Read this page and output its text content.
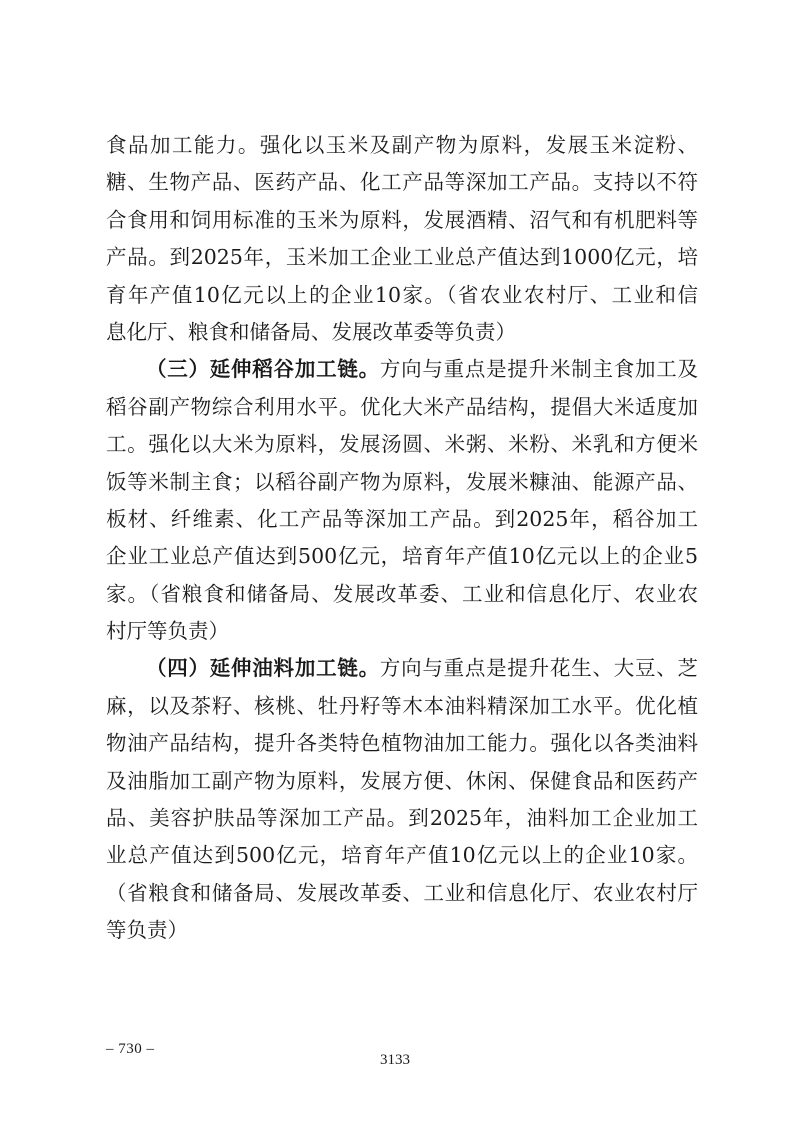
食品加工能力。强化以玉米及副产物为原料，发展玉米淀粉、
糖、生物产品、医药产品、化工产品等深加工产品。支持以不符
合食用和饲用标准的玉米为原料，发展酒精、沼气和有机肥料等
产品。到2025年，玉米加工企业工业总产值达到1000亿元，培
育年产值10亿元以上的企业10家。（省农业农村厅、工业和信
息化厅、粮食和储备局、发展改革委等负责）
（三）延伸稻谷加工链。方向与重点是提升米制主食加工及
稻谷副产物综合利用水平。优化大米产品结构，提倡大米适度加
工。强化以大米为原料，发展汤圆、米粥、米粉、米乳和方便米
饭等米制主食；以稻谷副产物为原料，发展米糠油、能源产品、
板材、纤维素、化工产品等深加工产品。到2025年，稻谷加工
企业工业总产值达到500亿元，培育年产值10亿元以上的企业5
家。（省粮食和储备局、发展改革委、工业和信息化厅、农业农
村厅等负责）
（四）延伸油料加工链。方向与重点是提升花生、大豆、芝
麻，以及茶籽、核桃、牡丹籽等木本油料精深加工水平。优化植
物油产品结构，提升各类特色植物油加工能力。强化以各类油料
及油脂加工副产物为原料，发展方便、休闲、保健食品和医药产
品、美容护肤品等深加工产品。到2025年，油料加工企业加工
业总产值达到500亿元，培育年产值10亿元以上的企业10家。
（省粮食和储备局、发展改革委、工业和信息化厅、农业农村厅
等负责）
– 730 –
3133
